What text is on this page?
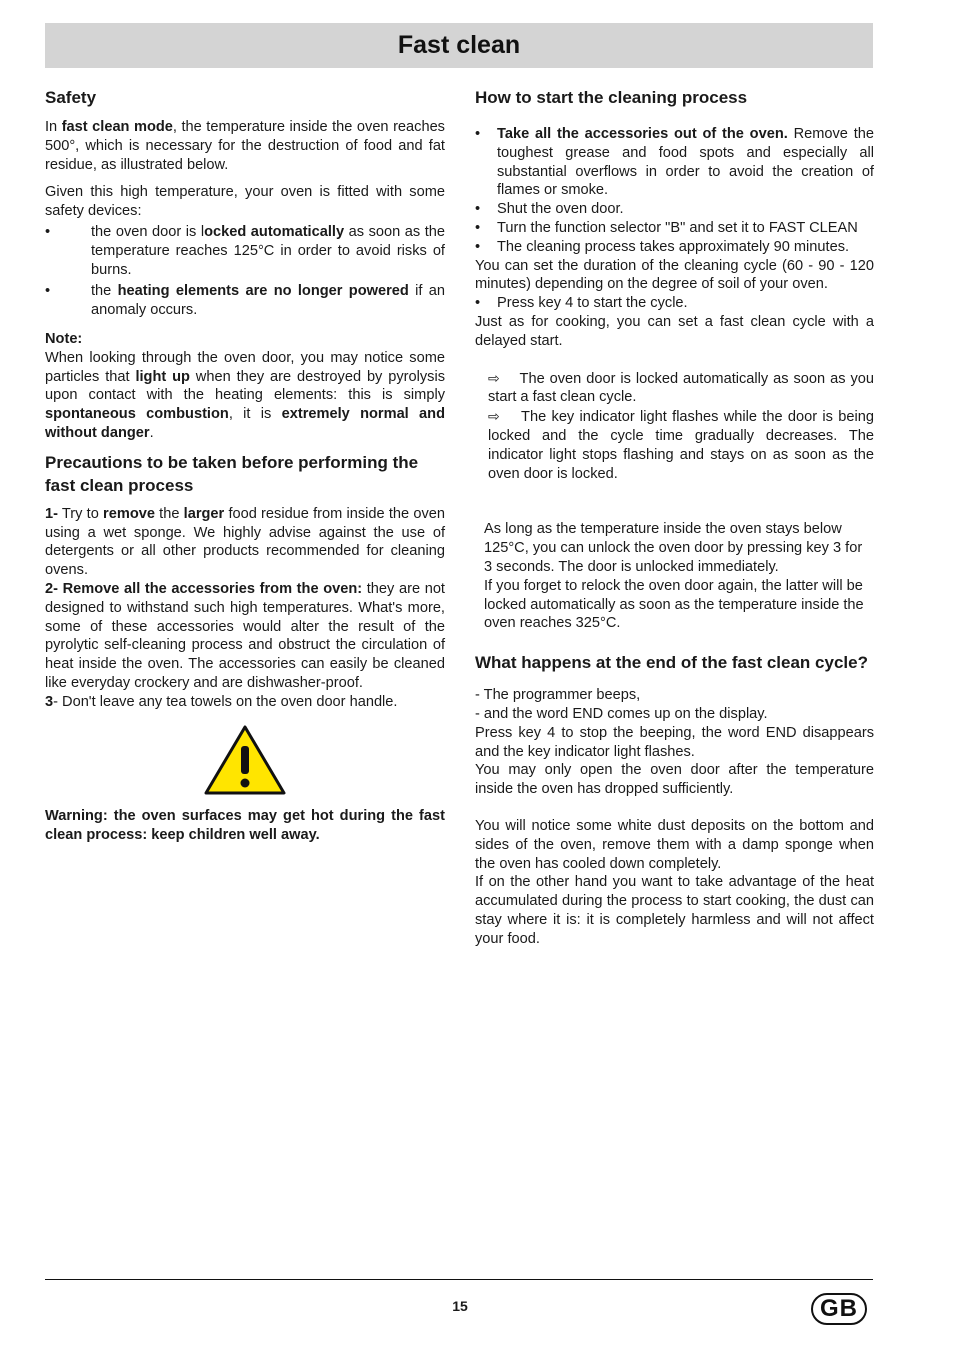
Fast clean
Safety

In fast clean mode, the temperature inside the oven reaches 500°, which is necessary for the destruction of food and fat residue, as illustrated below.

Given this high temperature, your oven is fitted with some safety devices:

•	the oven door is locked automatically as soon as the temperature reaches 125°C in order to avoid risks of burns.
•	the heating elements are no longer powered if an anomaly occurs.

Note:

When looking through the oven door, you may notice some particles that light up when they are destroyed by pyrolysis upon contact with the heating elements: this is simply spontaneous combustion, it is extremely normal and without danger.

Precautions to be taken before performing the fast clean process

1- Try to remove the larger food residue from inside the oven using a wet sponge. We highly advise against the use of detergents or all other products recommended for cleaning ovens.

2- Remove all the accessories from the oven: they are not designed to withstand such high temperatures. What's more, some of these accessories would alter the result of the pyrolytic self-cleaning process and obstruct the circulation of heat inside the oven. The accessories can easily be cleaned like everyday crockery and are dishwasher-proof.

3- Don't leave any tea towels on the oven door handle.

Warning: the oven surfaces may get hot during the fast clean process: keep children well away.

How to start the cleaning process
•	Take all the accessories out of the oven. Remove the toughest grease and food spots and especially all substantial overflows in order to avoid the creation of flames or smoke.
•	Shut the oven door.
•	Turn the function selector "B" and set it to FAST CLEAN
•	The cleaning process takes approximately 90 minutes.

You can set the duration of the cleaning cycle (60 - 90 - 120 minutes) depending on the degree of soil of your oven.

•	Press key 4 to start the cycle.

Just as for cooking, you can set a fast clean cycle with a delayed start.

⇨ The oven door is locked automatically as soon as you start a fast clean cycle.

⇨ The key indicator light flashes while the door is being locked and the cycle time gradually decreases. The indicator light stops flashing and stays on as soon as the oven door is locked.

As long as the temperature inside the oven stays below 125°C, you can unlock the oven door by pressing key 3 for 3 seconds. The door is unlocked immediately.

If you forget to relock the oven door again, the latter will be locked automatically as soon as the temperature inside the oven reaches 325°C.

What happens at the end of the fast clean cycle?

- The programmer beeps,

- and the word END comes up on the display.

Press key 4 to stop the beeping, the word END disappears and the key indicator light flashes.

You may only open the oven door after the temperature inside the oven has dropped sufficiently.

You will notice some white dust deposits on the bottom and sides of the oven, remove them with a damp sponge when the oven has cooled down completely.

If on the other hand you want to take advantage of the heat accumulated during the process to start cooking, the dust can stay where it is: it is completely harmless and will not affect your food.

15	GB
